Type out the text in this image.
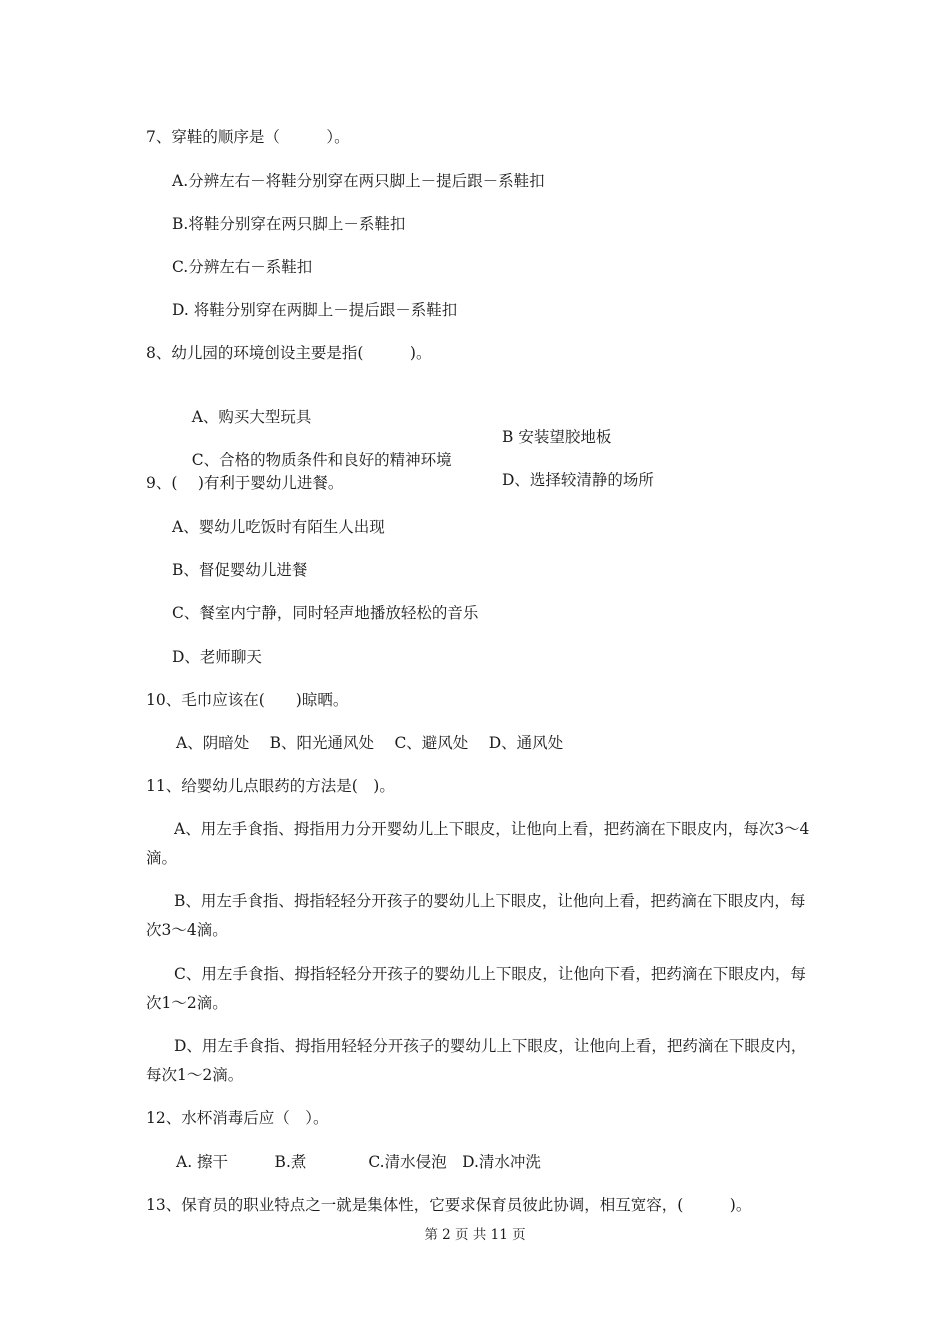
7、穿鞋的顺序是（　　　）。
A.分辨左右－将鞋分别穿在两只脚上－提后跟－系鞋扣
B.将鞋分别穿在两只脚上－系鞋扣
C.分辨左右－系鞋扣
D. 将鞋分别穿在两脚上－提后跟－系鞋扣
8、幼儿园的环境创设主要是指(　　　)。

A、购买大型玩具

B 安装望胶地板

C、合格的物质条件和良好的精神环境

D、选择较清静的场所

9、(　 )有利于婴幼儿进餐。
A、婴幼儿吃饭时有陌生人出现
B、督促婴幼儿进餐
C、餐室内宁静，同时轻声地播放轻松的音乐
D、老师聊天
10、毛巾应该在(　　)晾晒。
A、阴暗处　 B、阳光通风处　 C、避风处　 D、通风处
11、给婴幼儿点眼药的方法是(　)。
A、用左手食指、拇指用力分开婴幼儿上下眼皮，让他向上看，把药滴在下眼皮内，每次3～4滴。
B、用左手食指、拇指轻轻分开孩子的婴幼儿上下眼皮，让他向上看，把药滴在下眼皮内，每次3～4滴。
C、用左手食指、拇指轻轻分开孩子的婴幼儿上下眼皮，让他向下看，把药滴在下眼皮内，每次1～2滴。
D、用左手食指、拇指用轻轻分开孩子的婴幼儿上下眼皮，让他向上看，把药滴在下眼皮内，每次1～2滴。
12、水杯消毒后应（　）。
A. 擦干　　　B.煮　　　　C.清水侵泡　D.清水冲洗
13、保育员的职业特点之一就是集体性，它要求保育员彼此协调，相互宽容，(　　　)。
第 2 页 共 11 页
